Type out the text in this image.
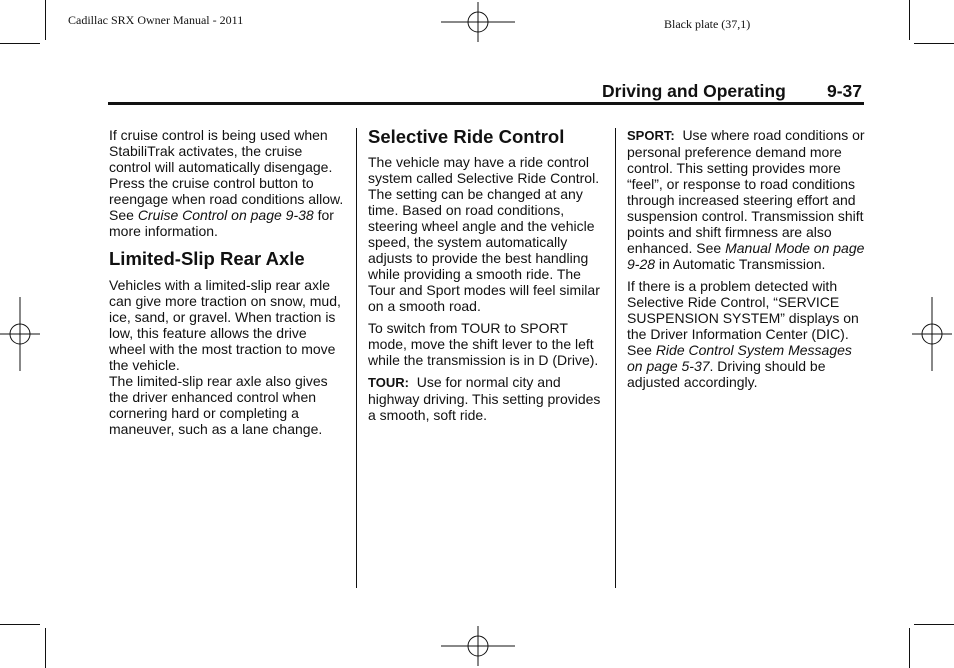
Cadillac SRX Owner Manual - 2011	Black plate (37,1)
Driving and Operating 9-37

If cruise control is being used when StabiliTrak activates, the cruise control will automatically disengage. Press the cruise control button to reengage when road conditions allow. See Cruise Control on page 9-38 for more information.

Limited-Slip Rear Axle

Vehicles with a limited-slip rear axle can give more traction on snow, mud, ice, sand, or gravel. When traction is low, this feature allows the drive wheel with the most traction to move the vehicle.

The limited-slip rear axle also gives the driver enhanced control when cornering hard or completing a maneuver, such as a lane change.

Selective Ride Control

The vehicle may have a ride control system called Selective Ride Control. The setting can be changed at any time. Based on road conditions, steering wheel angle and the vehicle speed, the system automatically adjusts to provide the best handling while providing a smooth ride. The Tour and Sport modes will feel similar on a smooth road.

To switch from TOUR to SPORT mode, move the shift lever to the left while the transmission is in D (Drive).

TOUR:  Use for normal city and highway driving. This setting provides a smooth, soft ride.

SPORT:  Use where road conditions or personal preference demand more control. This setting provides more “feel”, or response to road conditions through increased steering effort and suspension control. Transmission shift points and shift firmness are also enhanced. See Manual Mode on page 9-28 in Automatic Transmission.

If there is a problem detected with Selective Ride Control, “SERVICE SUSPENSION SYSTEM” displays on the Driver Information Center (DIC). See Ride Control System Messages on page 5-37. Driving should be adjusted accordingly.
